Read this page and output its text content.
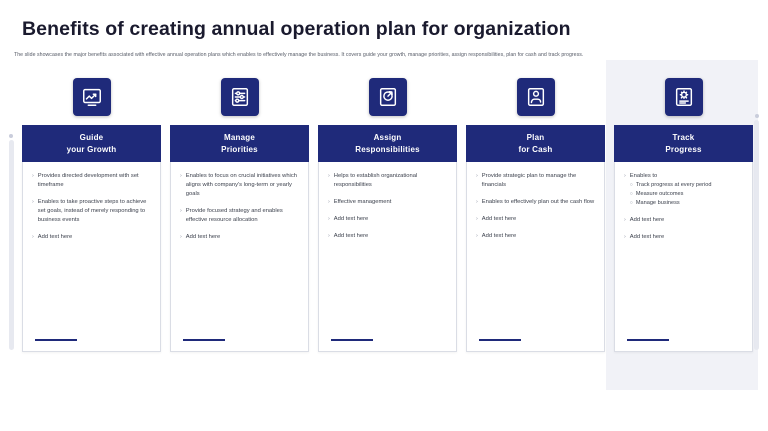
Benefits of creating annual operation plan for organization
The slide showcases the major benefits associated with effective annual operation plans which enables to effectively manage the business. It covers guide your growth, manage priorities, assign responsibilities, plan for cash and track progress.
Guide
your Growth
› Provides directed development with set timeframe
› Enables to take proactive steps to achieve set goals, instead of merely responding to business events
› Add text here
Manage
Priorities
› Enables to focus on crucial initiatives which aligns with company's long-term or yearly goals
› Provide focused strategy and enables effective resource allocation
› Add text here
Assign
Responsibilities
› Helps to establish organizational responsibilities
› Effective management
› Add text here
› Add text here
Plan
for Cash
› Provide strategic plan to manage the financials
› Enables to effectively plan out the cash flow
› Add text here
› Add text here
Track
Progress
› Enables to
○ Track progress at every period
○ Measure outcomes
○ Manage business
› Add text here
› Add text here
